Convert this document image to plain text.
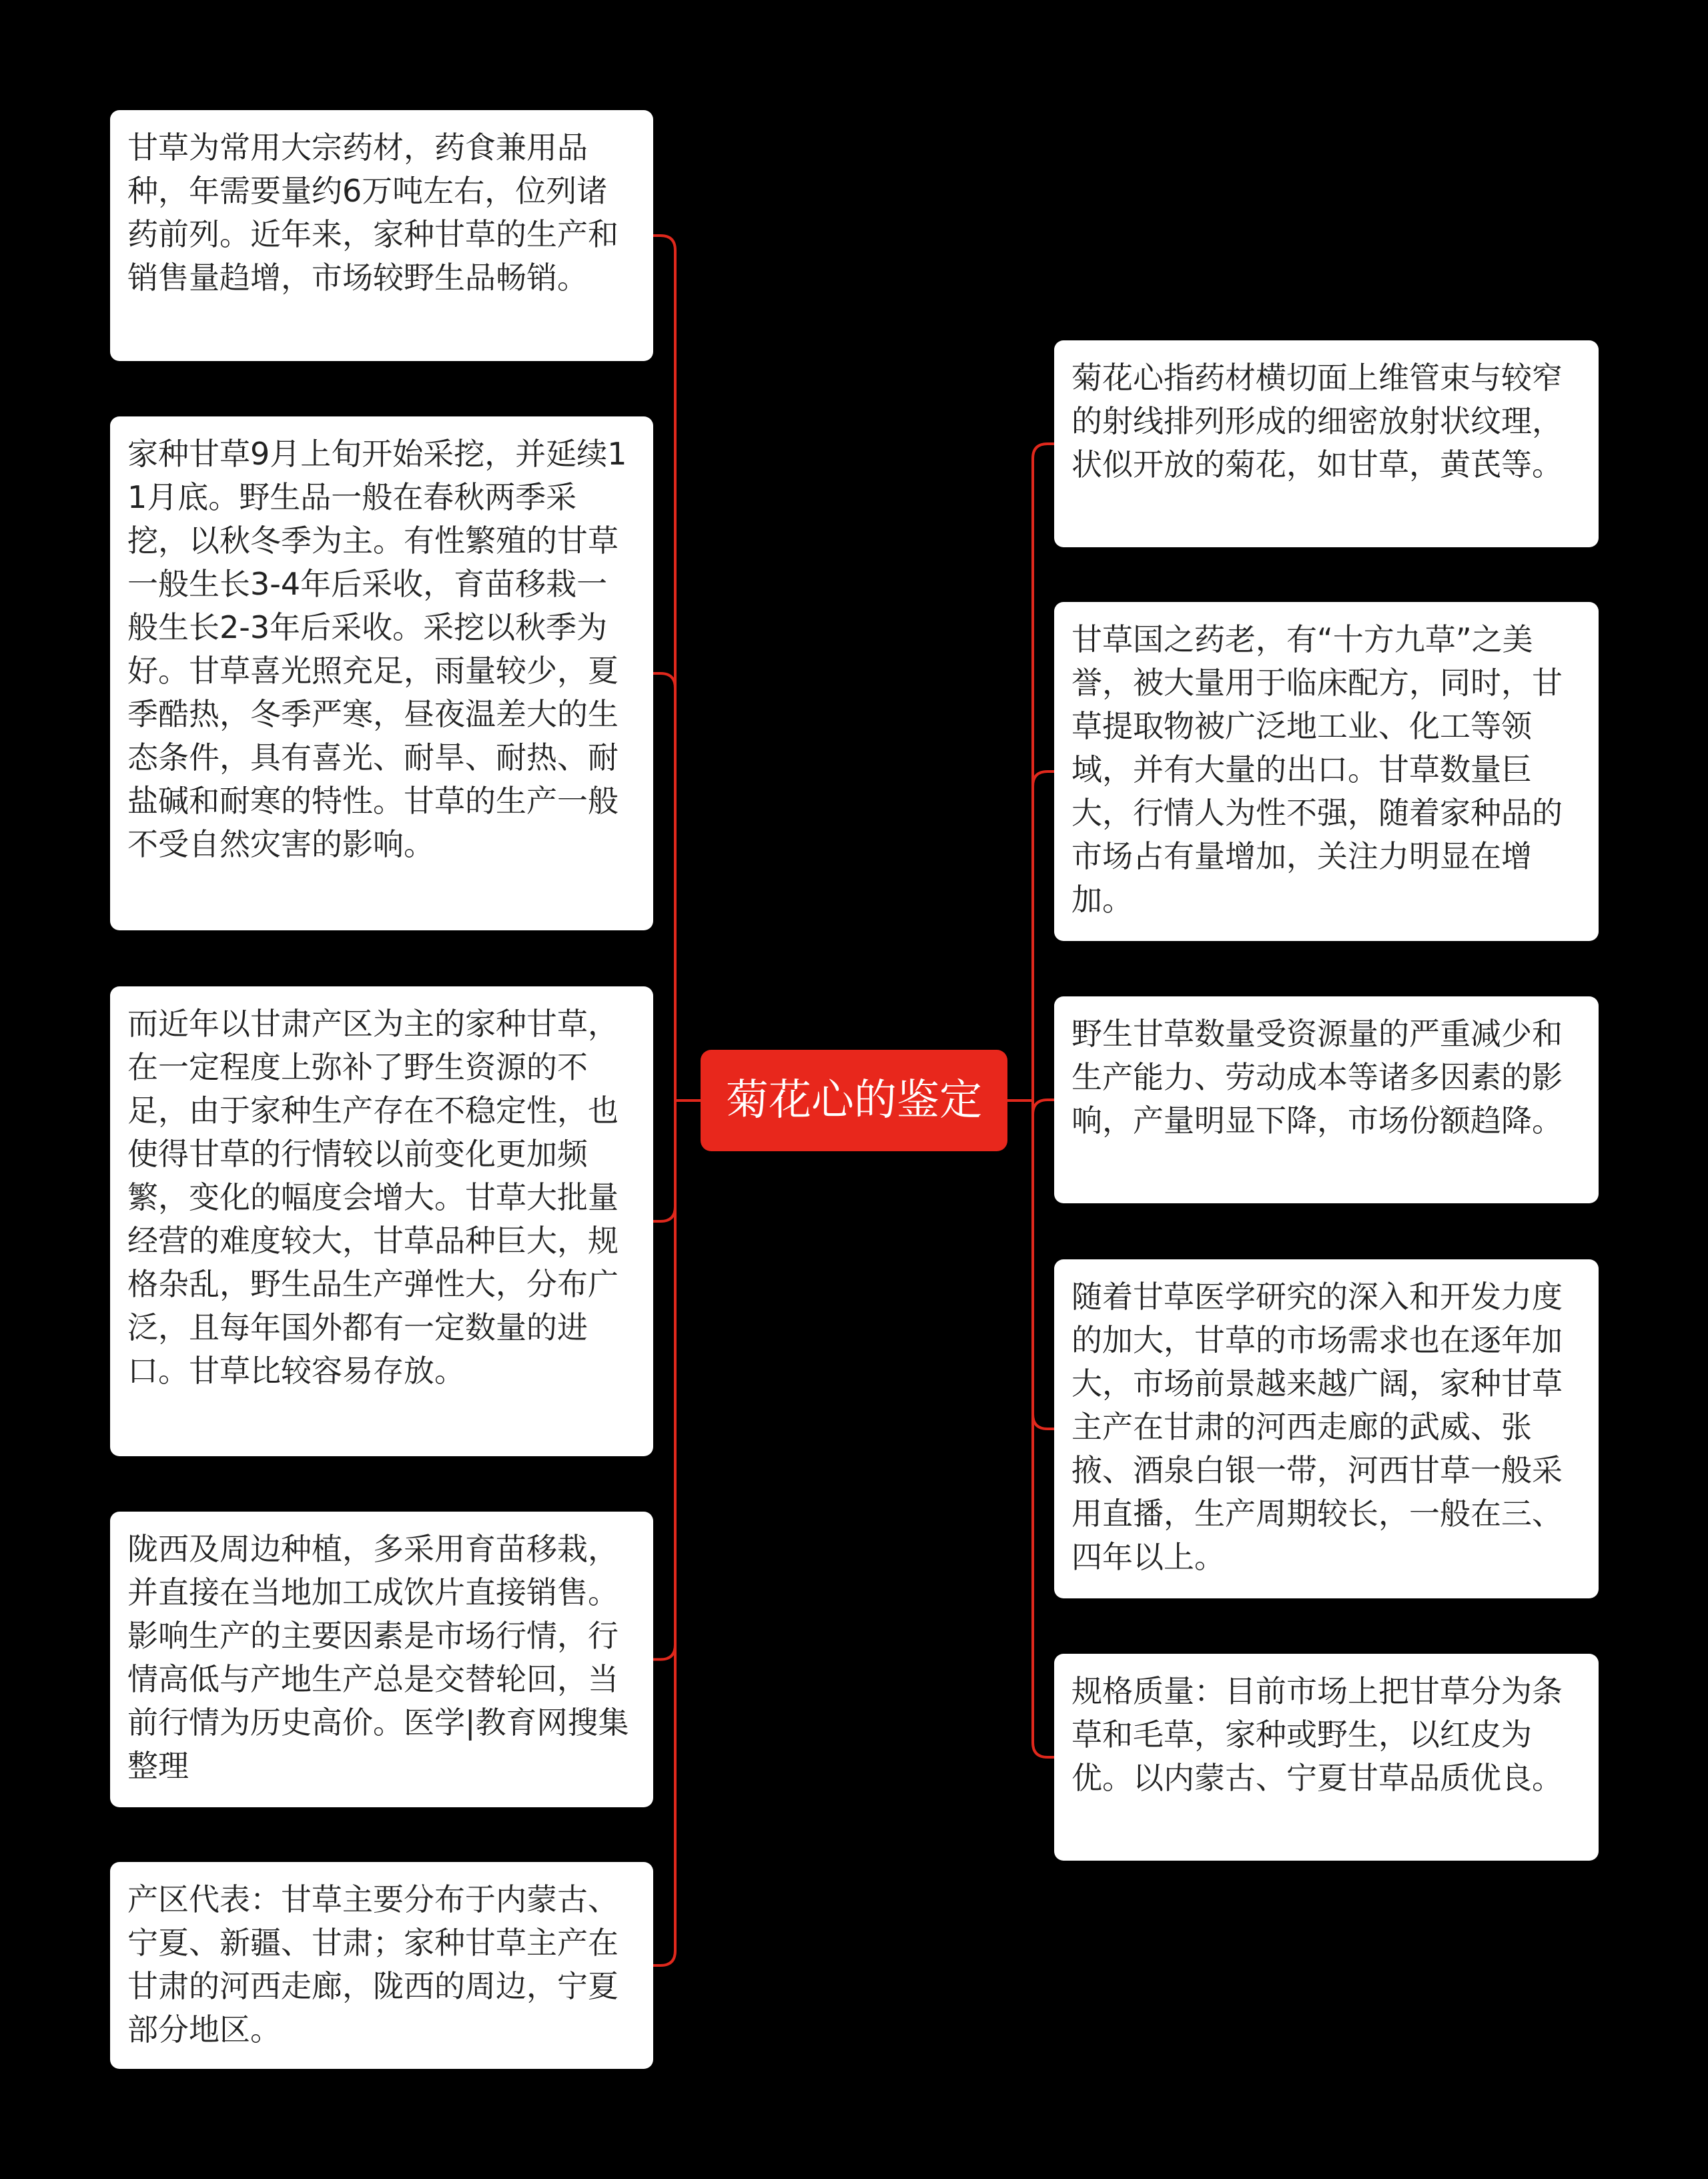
甘草为常用大宗药材，药食兼用品种，年需要量约6万吨左右，位列诸药前列。近年来，家种甘草的生产和销售量趋增，市场较野生品畅销。
家种甘草9月上旬开始采挖，并延续11月底。野生品一般在春秋两季采挖，以秋冬季为主。有性繁殖的甘草一般生长3-4年后采收，育苗移栽一般生长2-3年后采收。采挖以秋季为好。甘草喜光照充足，雨量较少，夏季酷热，冬季严寒，昼夜温差大的生态条件，具有喜光、耐旱、耐热、耐盐碱和耐寒的特性。甘草的生产一般不受自然灾害的影响。
而近年以甘肃产区为主的家种甘草，在一定程度上弥补了野生资源的不足，由于家种生产存在不稳定性，也使得甘草的行情较以前变化更加频繁，变化的幅度会增大。甘草大批量经营的难度较大，甘草品种巨大，规格杂乱，野生品生产弹性大，分布广泛，且每年国外都有一定数量的进口。甘草比较容易存放。
陇西及周边种植，多采用育苗移栽，并直接在当地加工成饮片直接销售。影响生产的主要因素是市场行情，行情高低与产地生产总是交替轮回，当前行情为历史高价。医学|教育网搜集整理
产区代表：甘草主要分布于内蒙古、宁夏、新疆、甘肃；家种甘草主产在甘肃的河西走廊，陇西的周边，宁夏部分地区。
菊花心的鉴定
菊花心指药材横切面上维管束与较窄的射线排列形成的细密放射状纹理，状似开放的菊花，如甘草，黄芪等。
甘草国之药老，有“十方九草”之美誉，被大量用于临床配方，同时，甘草提取物被广泛地工业、化工等领域，并有大量的出口。甘草数量巨大，行情人为性不强，随着家种品的市场占有量增加，关注力明显在增加。
野生甘草数量受资源量的严重减少和生产能力、劳动成本等诸多因素的影响，产量明显下降，市场份额趋降。
随着甘草医学研究的深入和开发力度的加大，甘草的市场需求也在逐年加大，市场前景越来越广阔，家种甘草主产在甘肃的河西走廊的武威、张掖、酒泉白银一带，河西甘草一般采用直播，生产周期较长，一般在三、四年以上。
规格质量：目前市场上把甘草分为条草和毛草，家种或野生，以红皮为优。以内蒙古、宁夏甘草品质优良。
